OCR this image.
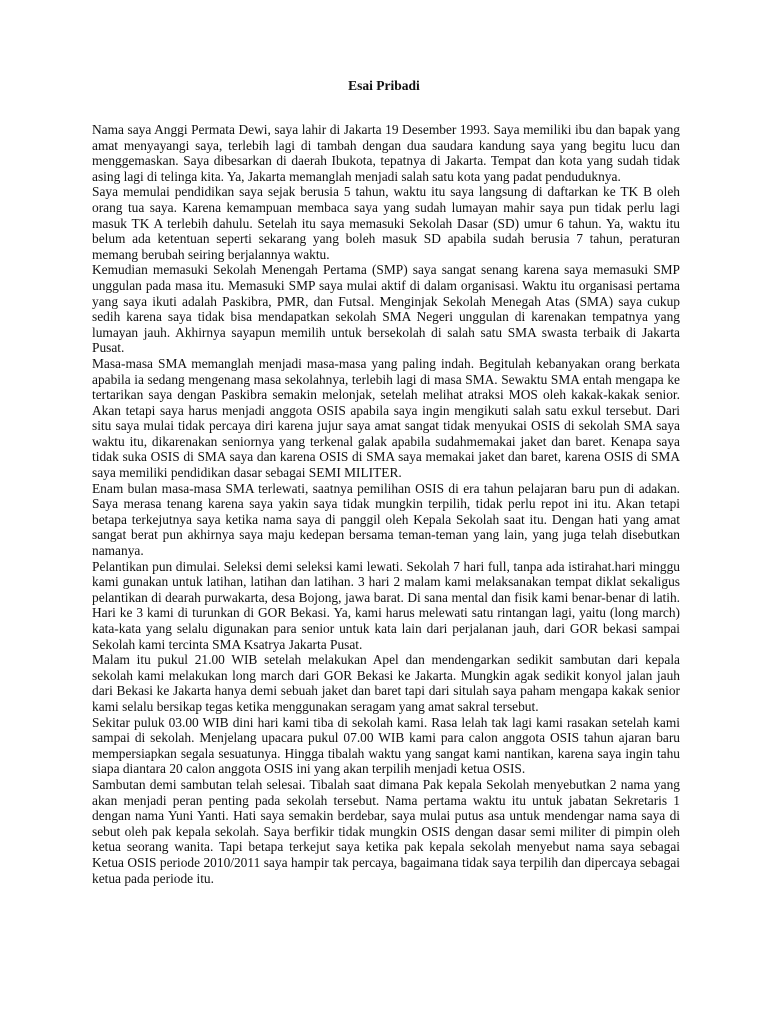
Esai Pribadi

Nama saya Anggi Permata Dewi, saya lahir di Jakarta 19 Desember 1993. Saya memiliki ibu dan bapak yang amat menyayangi saya, terlebih lagi di tambah dengan dua saudara kandung saya yang begitu lucu dan menggemaskan. Saya dibesarkan di daerah Ibukota, tepatnya di Jakarta. Tempat dan kota yang sudah tidak asing lagi di telinga kita. Ya, Jakarta memanglah menjadi salah satu kota yang padat penduduknya.

Saya memulai pendidikan saya sejak berusia 5 tahun, waktu itu saya langsung di daftarkan ke TK B oleh orang tua saya. Karena kemampuan membaca saya yang sudah lumayan mahir saya pun tidak perlu lagi masuk TK A terlebih dahulu. Setelah itu saya memasuki Sekolah Dasar (SD) umur 6 tahun. Ya, waktu itu belum ada ketentuan seperti sekarang yang boleh masuk SD apabila sudah berusia 7 tahun, peraturan memang berubah seiring berjalannya waktu.

Kemudian memasuki Sekolah Menengah Pertama (SMP) saya sangat senang karena saya memasuki SMP unggulan pada masa itu. Memasuki SMP saya mulai aktif di dalam organisasi. Waktu itu organisasi pertama yang saya ikuti adalah Paskibra, PMR, dan Futsal. Menginjak Sekolah Menegah Atas (SMA) saya cukup sedih karena saya tidak bisa mendapatkan sekolah SMA Negeri unggulan di karenakan tempatnya yang lumayan jauh. Akhirnya sayapun memilih untuk bersekolah di salah satu SMA swasta terbaik di Jakarta Pusat.

Masa-masa SMA memanglah menjadi masa-masa yang paling indah. Begitulah kebanyakan orang berkata apabila ia sedang mengenang masa sekolahnya, terlebih lagi di masa SMA. Sewaktu SMA entah mengapa ke tertarikan saya dengan Paskibra semakin melonjak, setelah melihat atraksi MOS oleh kakak-kakak senior. Akan tetapi saya harus menjadi anggota OSIS apabila saya ingin mengikuti salah satu exkul tersebut. Dari situ saya mulai tidak percaya diri karena jujur saya amat sangat tidak menyukai OSIS di sekolah SMA saya waktu itu, dikarenakan seniornya yang terkenal galak apabila sudahmemakai jaket dan baret. Kenapa saya tidak suka OSIS di SMA saya dan karena OSIS di SMA saya memakai jaket dan baret, karena OSIS di SMA saya memiliki pendidikan dasar sebagai SEMI MILITER.

Enam bulan masa-masa SMA terlewati, saatnya pemilihan OSIS di era tahun pelajaran baru pun di adakan. Saya merasa tenang karena saya yakin saya tidak mungkin terpilih, tidak perlu repot ini itu. Akan tetapi betapa terkejutnya saya ketika nama saya di panggil oleh Kepala Sekolah saat itu. Dengan hati yang amat sangat berat pun akhirnya saya maju kedepan bersama teman-teman yang lain, yang juga telah disebutkan namanya.

Pelantikan pun dimulai. Seleksi demi seleksi kami lewati. Sekolah 7 hari full, tanpa ada istirahat.hari minggu kami gunakan untuk latihan, latihan dan latihan. 3 hari 2 malam kami melaksanakan tempat diklat sekaligus pelantikan di dearah purwakarta, desa Bojong, jawa barat. Di sana mental dan fisik kami benar-benar di latih. Hari ke 3 kami di turunkan di GOR Bekasi. Ya, kami harus melewati satu rintangan lagi, yaitu (long march) kata-kata yang selalu digunakan para senior untuk kata lain dari perjalanan jauh, dari GOR bekasi sampai Sekolah kami tercinta SMA Ksatrya Jakarta Pusat.

Malam itu pukul 21.00 WIB setelah melakukan Apel dan mendengarkan sedikit sambutan dari kepala sekolah kami melakukan long march dari GOR Bekasi ke Jakarta. Mungkin agak sedikit konyol jalan jauh dari Bekasi ke Jakarta hanya demi sebuah jaket dan baret tapi dari situlah saya paham mengapa kakak senior kami selalu bersikap tegas ketika menggunakan seragam yang amat sakral tersebut.

Sekitar puluk 03.00 WIB dini hari kami tiba di sekolah kami. Rasa lelah tak lagi kami rasakan setelah kami sampai di sekolah. Menjelang upacara pukul 07.00 WIB kami para calon anggota OSIS tahun ajaran baru mempersiapkan segala sesuatunya. Hingga tibalah waktu yang sangat kami nantikan, karena saya ingin tahu siapa diantara 20 calon anggota OSIS ini yang akan terpilih menjadi ketua OSIS.

Sambutan demi sambutan telah selesai. Tibalah saat dimana Pak kepala Sekolah menyebutkan 2 nama yang akan menjadi peran penting pada sekolah tersebut. Nama pertama waktu itu untuk jabatan Sekretaris 1 dengan nama Yuni Yanti. Hati saya semakin berdebar, saya mulai putus asa untuk mendengar nama saya di sebut oleh pak kepala sekolah. Saya berfikir tidak mungkin OSIS dengan dasar semi militer di pimpin oleh ketua seorang wanita. Tapi betapa terkejut saya ketika pak kepala sekolah menyebut nama saya sebagai Ketua OSIS periode 2010/2011 saya hampir tak percaya, bagaimana tidak saya terpilih dan dipercaya sebagai ketua pada periode itu.
